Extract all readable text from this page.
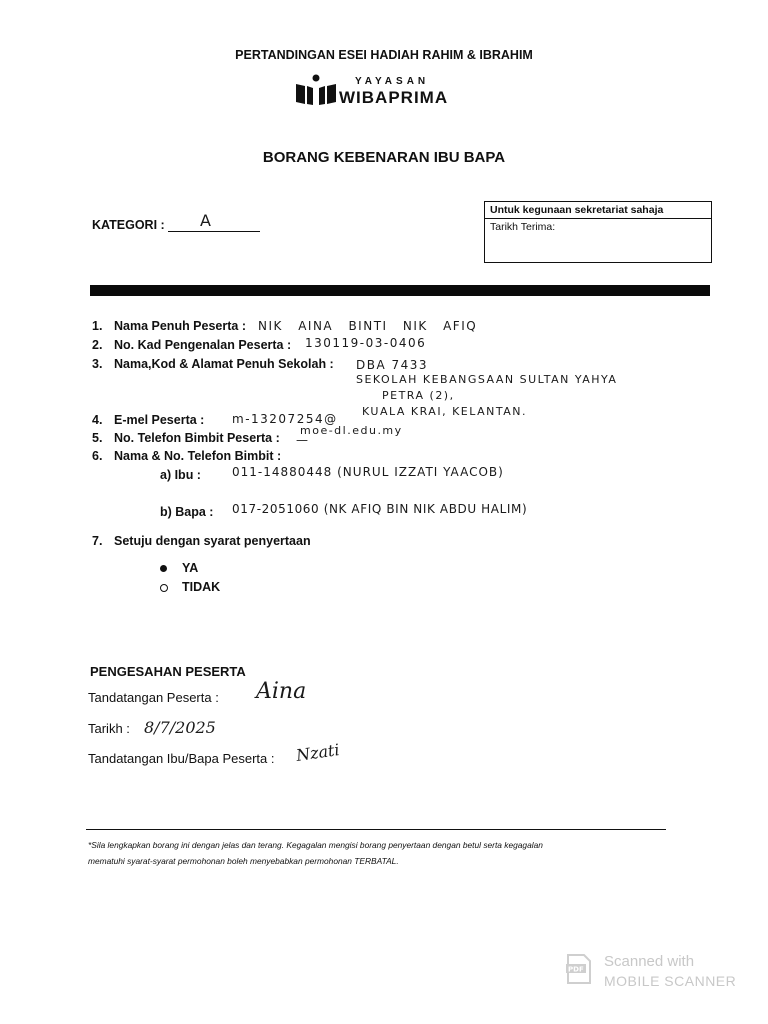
PERTANDINGAN ESEI HADIAH RAHIM & IBRAHIM
YAYASAN
WIBAPRIMA
BORANG KEBENARAN IBU BAPA
KATEGORI : A
Untuk kegunaan sekretariat sahaja
Tarikh Terima:
1. Nama Penuh Peserta : NIK AINA BINTI NIK AFIQ
2. No. Kad Pengenalan Peserta : 130119-03-0406
3. Nama,Kod & Alamat Penuh Sekolah : DBA 7433
SEKOLAH KEBANGSAAN SULTAN YAHYA
PETRA (2),
KUALA KRAI, KELANTAN.
4. E-mel Peserta : m-13207254@
moe-dl.edu.my
5. No. Telefon Bimbit Peserta : —
6. Nama & No. Telefon Bimbit :
a) Ibu :	011-14880448 (NURUL IZZATI YAACOB)
b) Bapa : 017-2051060 (NK AFIQ BIN NIK ABDU HALIM)
7. Setuju dengan syarat penyertaan
YA
TIDAK
PENGESAHAN PESERTA
Tandatangan Peserta : Aina
Tarikh : 8/7/2025
Tandatangan Ibu/Bapa Peserta : Nzati
*Sila lengkapkan borang ini dengan jelas dan terang. Kegagalan mengisi borang penyertaan dengan betul serta kegagalan
mematuhi syarat-syarat permohonan boleh menyebabkan permohonan TERBATAL.
PDF Scanned with
MOBILE SCANNER
